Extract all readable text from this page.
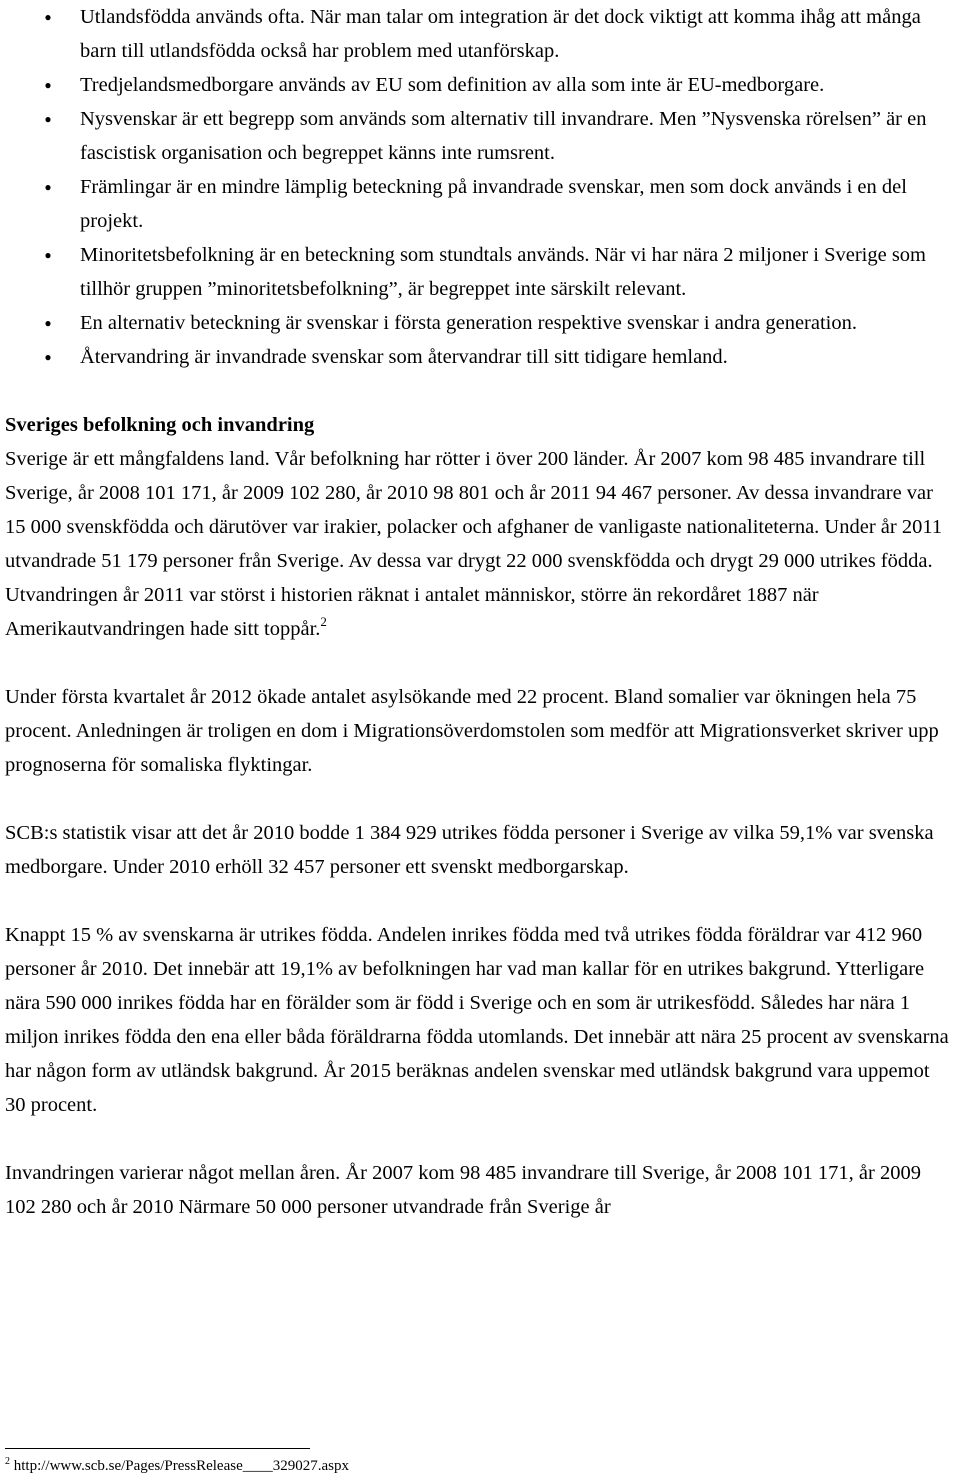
● Utlandsfödda används ofta. När man talar om integration är det dock viktigt att komma ihåg att många barn till utlandsfödda också har problem med utanförskap.
● Tredjelandsmedborgare används av EU som definition av alla som inte är EU-medborgare.
● Nysvenskar är ett begrepp som används som alternativ till invandrare. Men ”Nysvenska rörelsen” är en fascistisk organisation och begreppet känns inte rumsrent.
● Främlingar är en mindre lämplig beteckning på invandrade svenskar, men som dock används i en del projekt.
● Minoritetsbefolkning är en beteckning som stundtals används. När vi har nära 2 miljoner i Sverige som tillhör gruppen ”minoritetsbefolkning”, är begreppet inte särskilt relevant.
● En alternativ beteckning är svenskar i första generation respektive svenskar i andra generation.
● Återvandring är invandrade svenskar som återvandrar till sitt tidigare hemland.
Sveriges befolkning och invandring

Sverige är ett mångfaldens land. Vår befolkning har rötter i över 200 länder. År 2007 kom 98 485 invandrare till Sverige, år 2008 101 171, år 2009 102 280, år 2010 98 801 och år 2011 94 467 personer. Av dessa invandrare var 15 000 svenskfödda och därutöver var irakier, polacker och afghaner de vanligaste nationaliteterna. Under år 2011 utvandrade 51 179 personer från Sverige. Av dessa var drygt 22 000 svenskfödda och drygt 29 000 utrikes födda. Utvandringen år 2011 var störst i historien räknat i antalet människor, större än rekordåret 1887 när Amerikautvandringen hade sitt toppår.$^2$

Under första kvartalet år 2012 ökade antalet asylsökande med 22 procent. Bland somalier var ökningen hela 75 procent. Anledningen är troligen en dom i Migrationsöverdomstolen som medför att Migrationsverket skriver upp prognoserna för somaliska flyktingar.

SCB:s statistik visar att det år 2010 bodde 1 384 929 utrikes födda personer i Sverige av vilka 59,1% var svenska medborgare. Under 2010 erhöll 32 457 personer ett svenskt medborgarskap.

Knappt 15 % av svenskarna är utrikes födda. Andelen inrikes födda med två utrikes födda föräldrar var 412 960 personer år 2010. Det innebär att 19,1% av befolkningen har vad man kallar för en utrikes bakgrund. Ytterligare nära 590 000 inrikes födda har en förälder som är född i Sverige och en som är utrikesfödd. Således har nära 1 miljon inrikes födda den ena eller båda föräldrarna födda utomlands. Det innebär att nära 25 procent av svenskarna har någon form av utländsk bakgrund. År 2015 beräknas andelen svenskar med utländsk bakgrund vara uppemot 30 procent.

Invandringen varierar något mellan åren. År 2007 kom 98 485 invandrare till Sverige, år 2008 101 171, år 2009 102 280 och år 2010 Närmare 50 000 personer utvandrade från Sverige år

$^2$ http://www.scb.se/Pages/PressRelease____329027.aspx
